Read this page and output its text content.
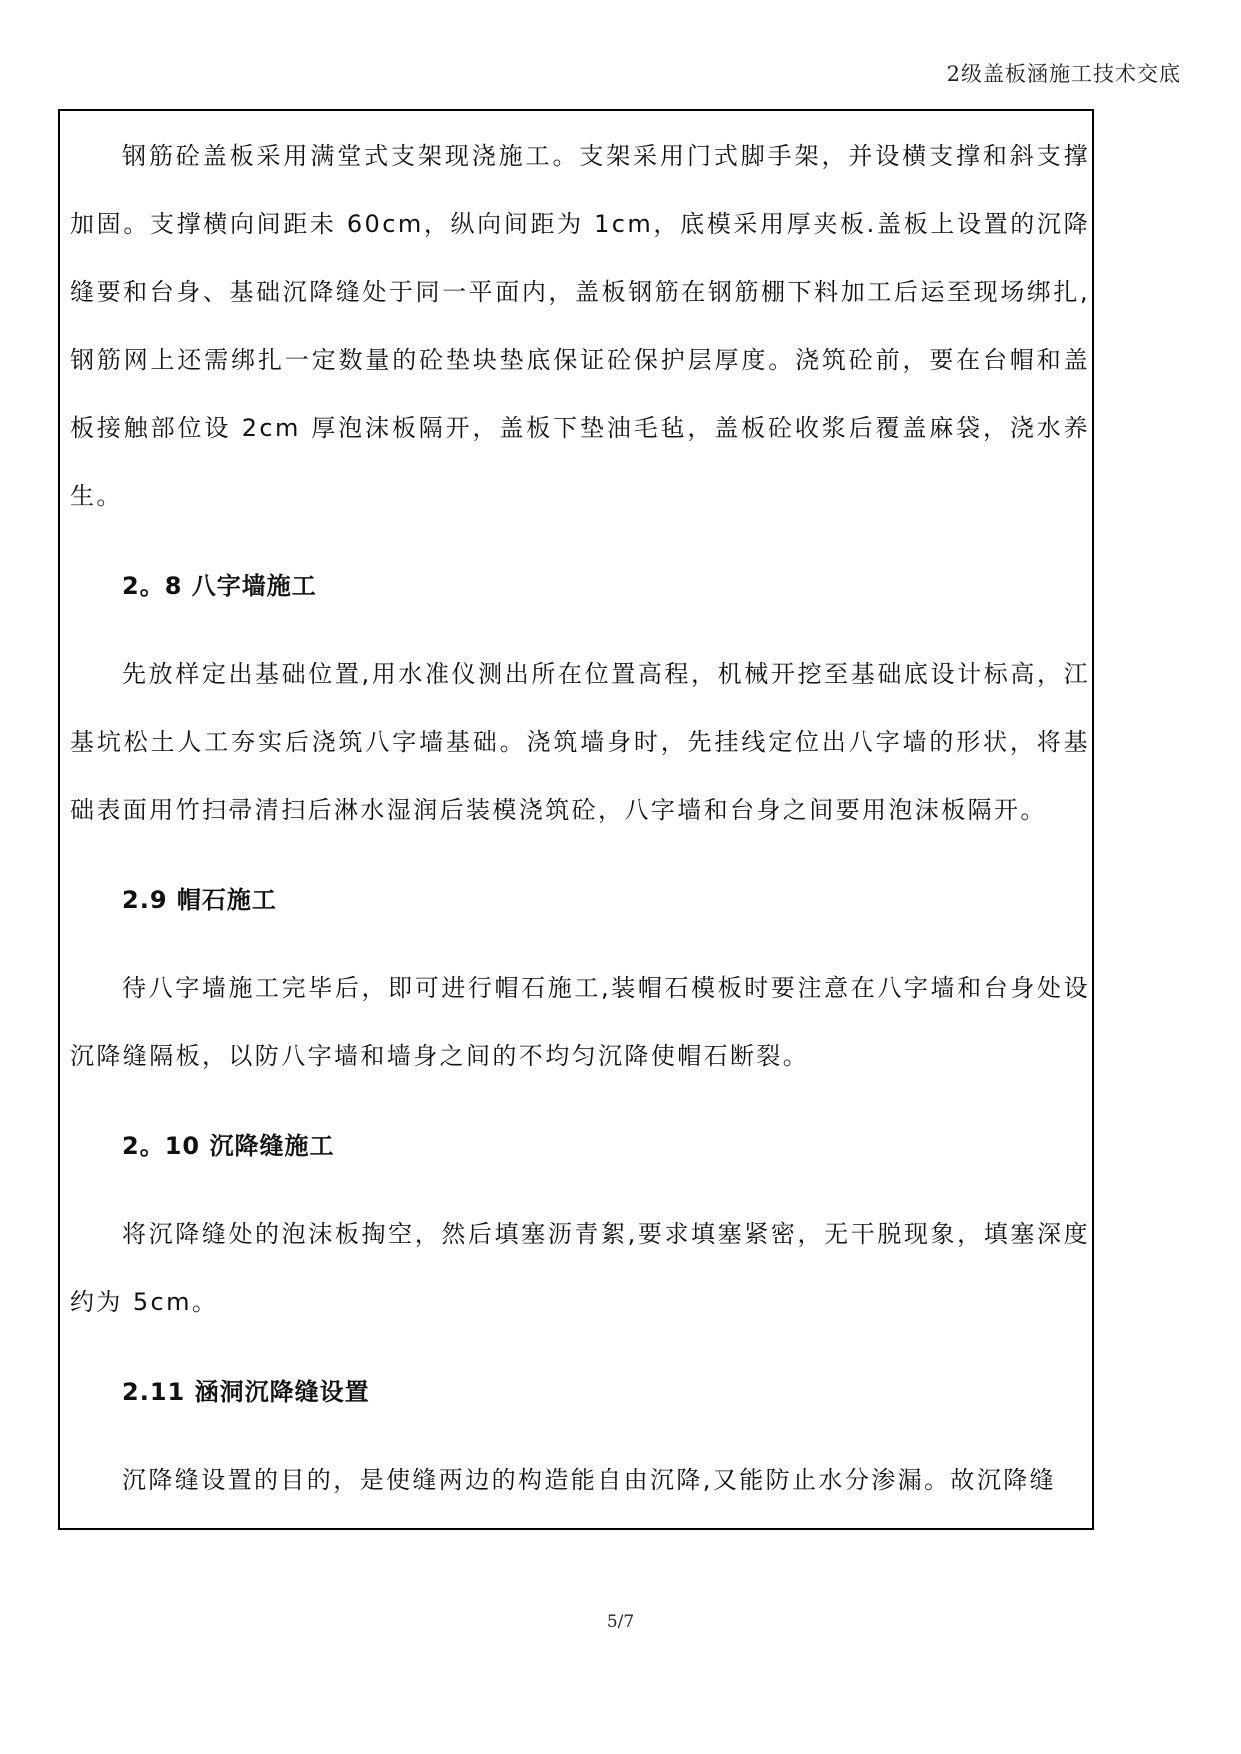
2级盖板涵施工技术交底

钢筋砼盖板采用满堂式支架现浇施工。支架采用门式脚手架，并设横支撑和斜支撑加固。支撑横向间距未 60cm，纵向间距为 1cm，底模采用厚夹板.盖板上设置的沉降缝要和台身、基础沉降缝处于同一平面内，盖板钢筋在钢筋棚下料加工后运至现场绑扎,钢筋网上还需绑扎一定数量的砼垫块垫底保证砼保护层厚度。浇筑砼前，要在台帽和盖板接触部位设 2cm 厚泡沫板隔开，盖板下垫油毛毡，盖板砼收浆后覆盖麻袋，浇水养生。

2。8 八字墙施工

先放样定出基础位置,用水准仪测出所在位置高程，机械开挖至基础底设计标高，江基坑松土人工夯实后浇筑八字墙基础。浇筑墙身时，先挂线定位出八字墙的形状，将基础表面用竹扫帚清扫后淋水湿润后装模浇筑砼，八字墙和台身之间要用泡沫板隔开。

2.9 帽石施工

待八字墙施工完毕后，即可进行帽石施工,装帽石模板时要注意在八字墙和台身处设沉降缝隔板，以防八字墙和墙身之间的不均匀沉降使帽石断裂。

2。10 沉降缝施工

将沉降缝处的泡沫板掏空，然后填塞沥青絮,要求填塞紧密，无干脱现象，填塞深度约为 5cm。

2.11 涵洞沉降缝设置

沉降缝设置的目的，是使缝两边的构造能自由沉降,又能防止水分渗漏。故沉降缝

5/7
